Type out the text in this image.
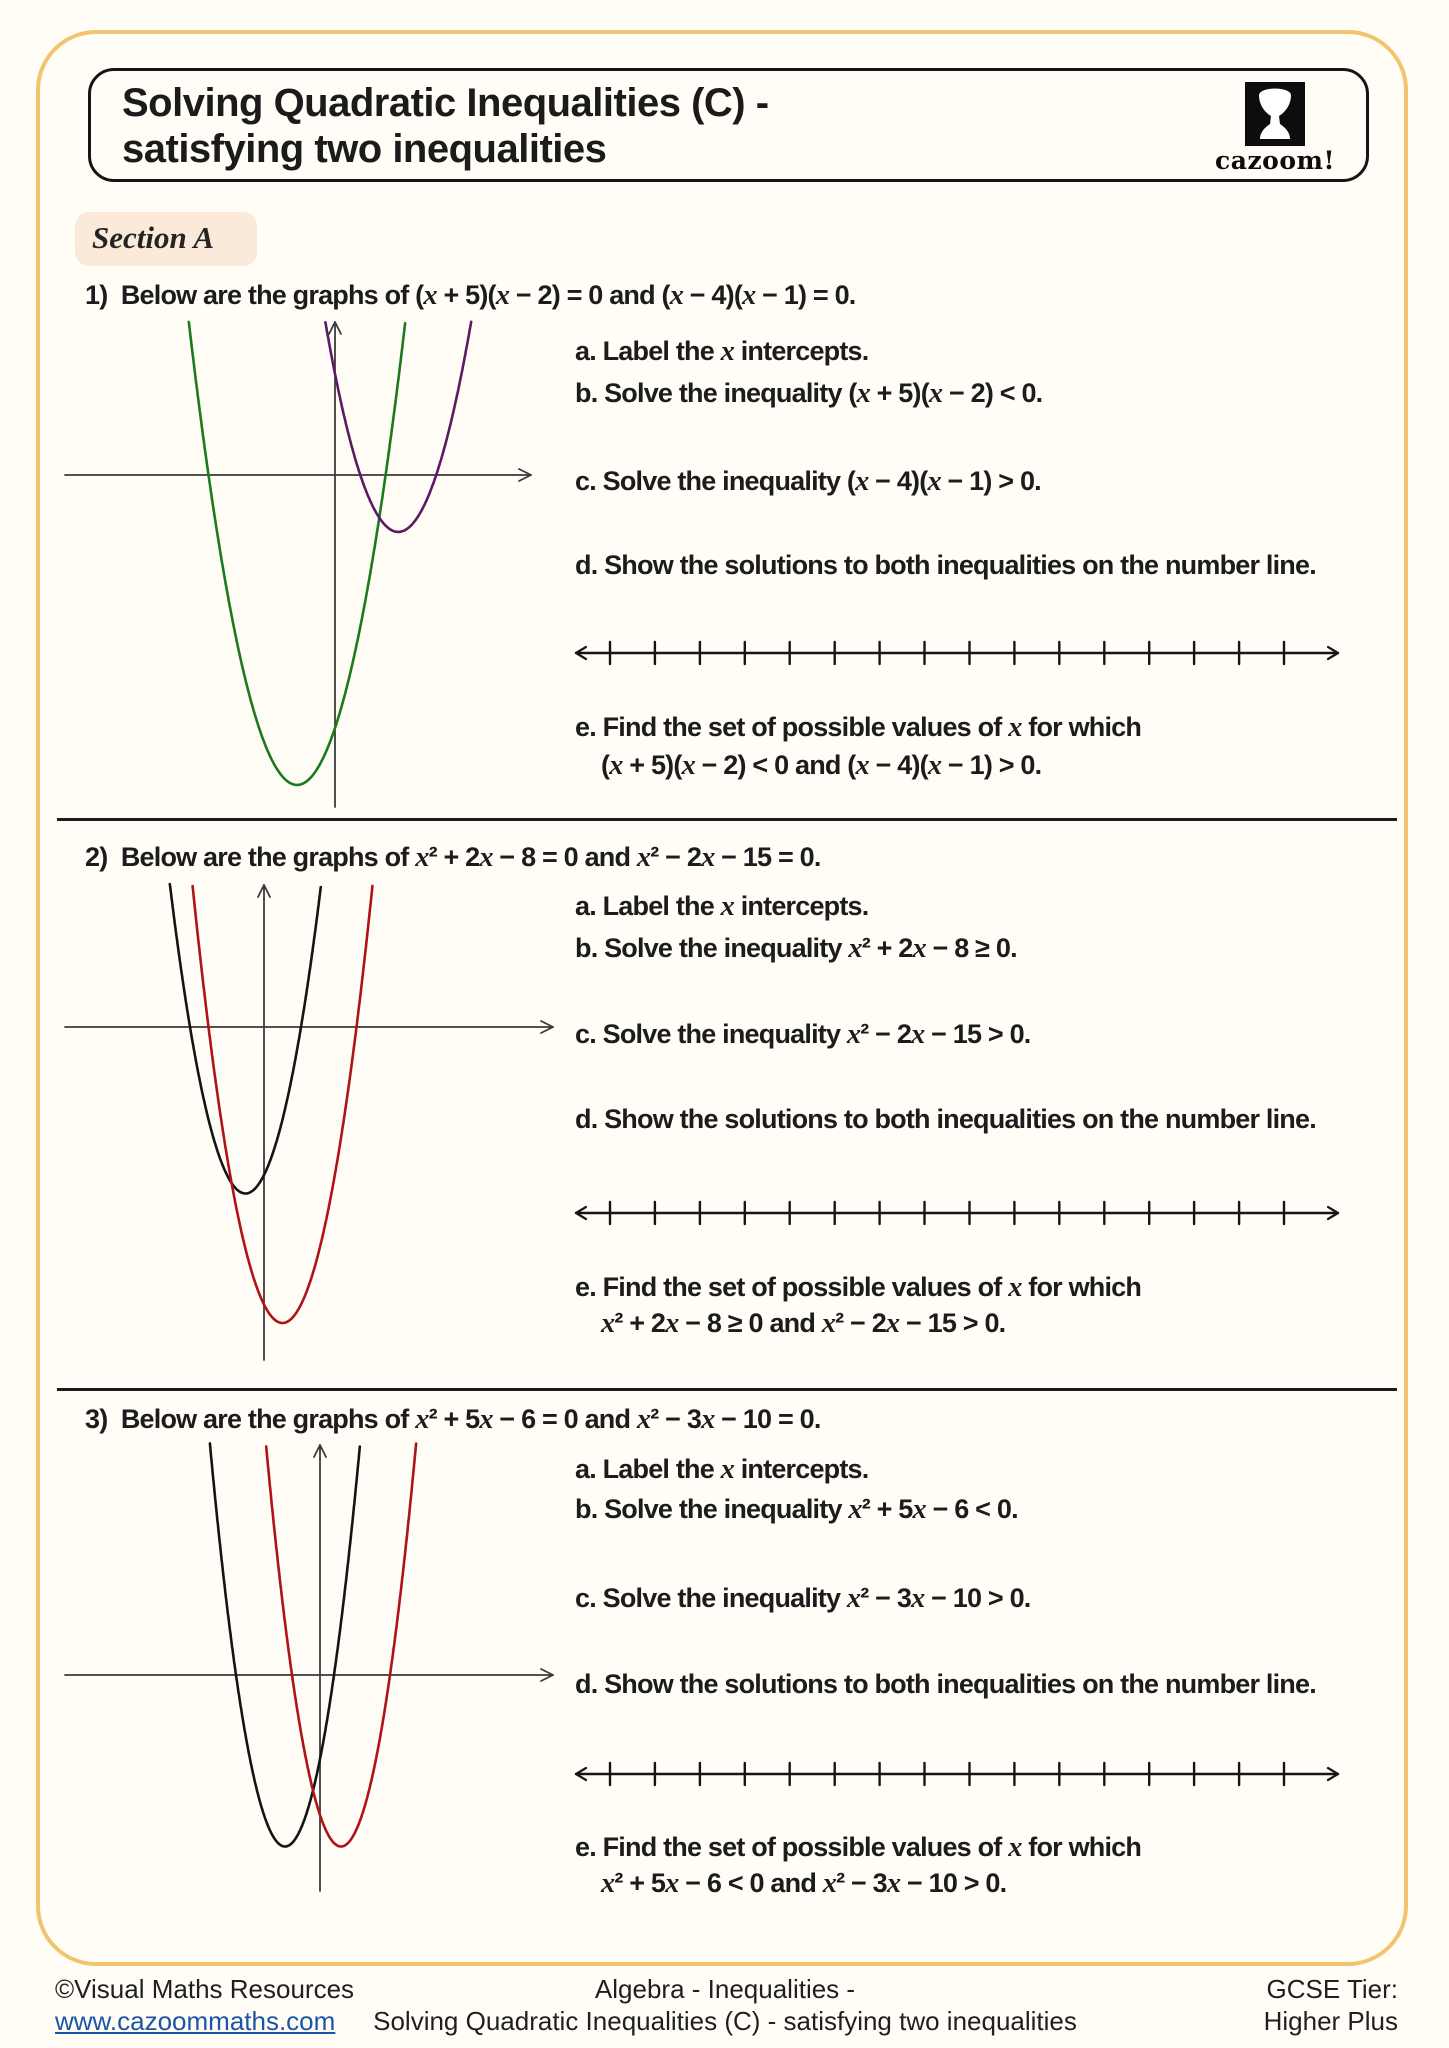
Solving Quadratic Inequalities (C) -
satisfying two inequalities	cazoom!
Section A
1) Below are the graphs of (x + 5)(x − 2) = 0 and (x − 4)(x − 1) = 0.
a. Label the x intercepts.
b. Solve the inequality (x + 5)(x − 2) < 0.
c. Solve the inequality (x − 4)(x − 1) > 0.
d. Show the solutions to both inequalities on the number line.
e. Find the set of possible values of x for which
(x + 5)(x − 2) < 0 and (x − 4)(x − 1) > 0.
2) Below are the graphs of x² + 2x − 8 = 0 and x² − 2x − 15 = 0.
a. Label the x intercepts.
b. Solve the inequality x² + 2x − 8 ≥ 0.
c. Solve the inequality x² − 2x − 15 > 0.
d. Show the solutions to both inequalities on the number line.
e. Find the set of possible values of x for which
x² + 2x − 8 ≥ 0 and x² − 2x − 15 > 0.
3) Below are the graphs of x² + 5x − 6 = 0 and x² − 3x − 10 = 0.
a. Label the x intercepts.
b. Solve the inequality x² + 5x − 6 < 0.
c. Solve the inequality x² − 3x − 10 > 0.
d. Show the solutions to both inequalities on the number line.
e. Find the set of possible values of x for which
x² + 5x − 6 < 0 and x² − 3x − 10 > 0.
©Visual Maths Resources
www.cazoommaths.com
Algebra - Inequalities -
Solving Quadratic Inequalities (C) - satisfying two inequalities
GCSE Tier:
Higher Plus
